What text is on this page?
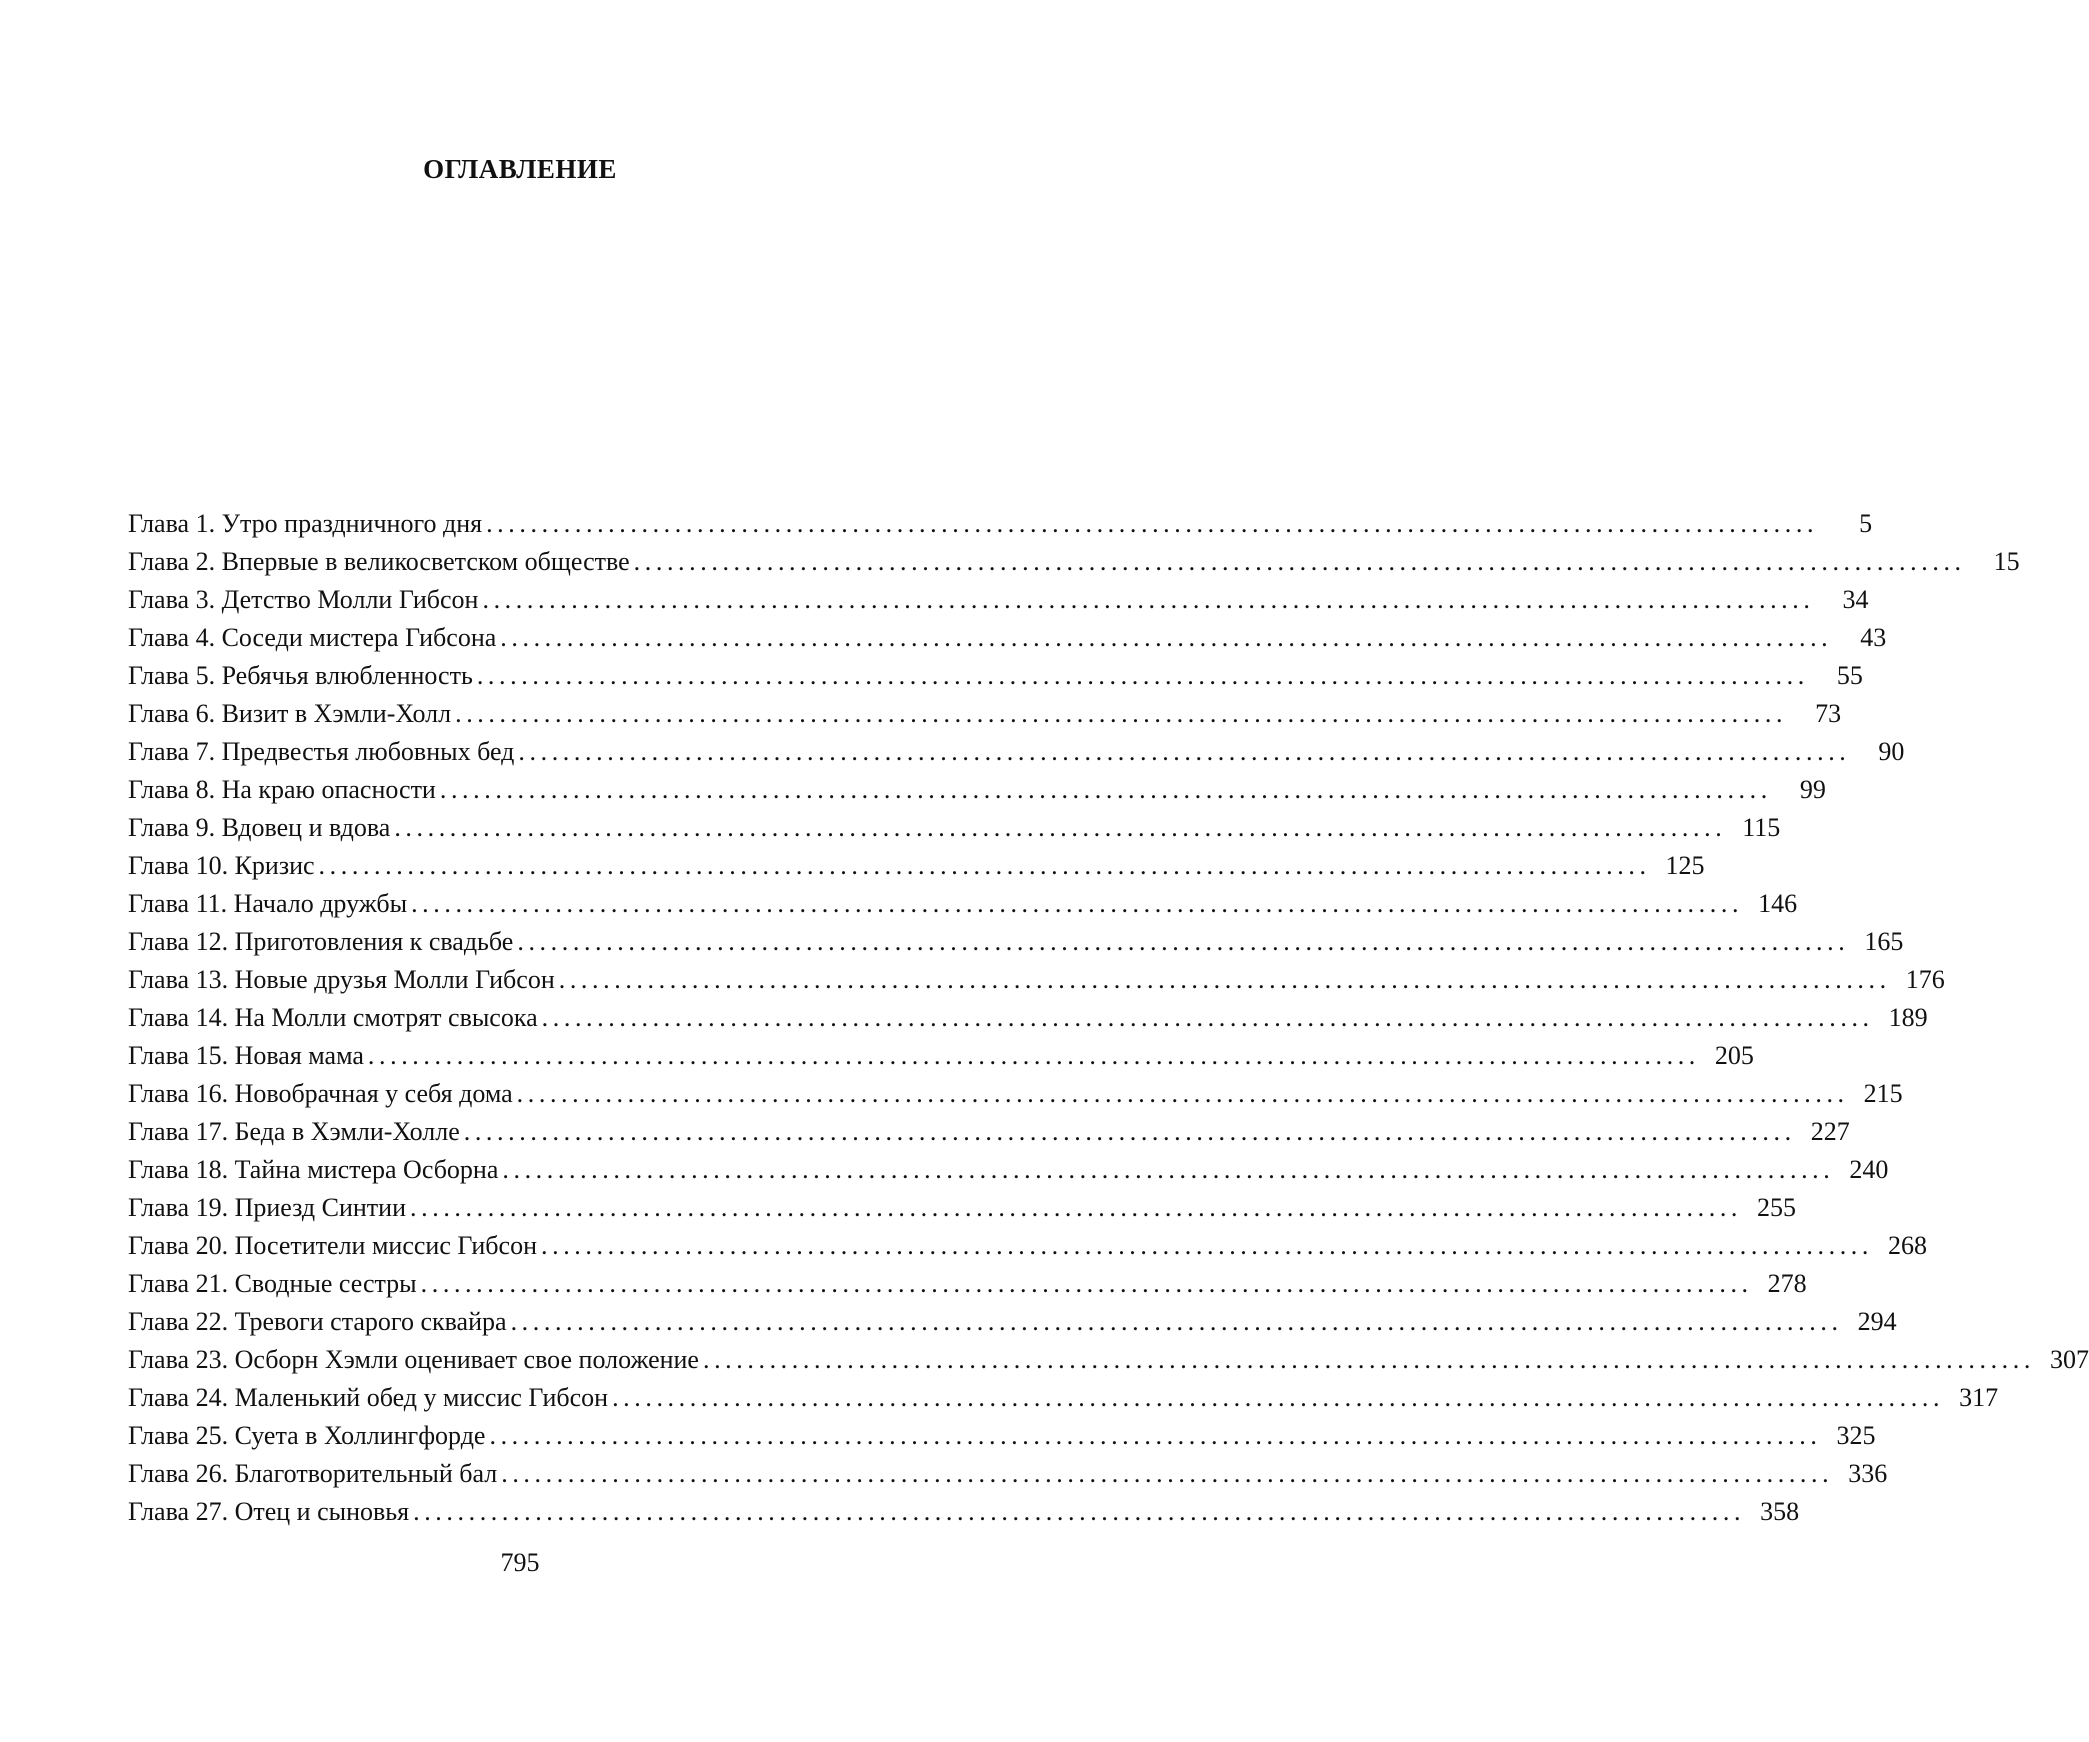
ОГЛАВЛЕНИЕ
Глава 1. Утро праздничного дня ........................................................................................................................	5
Глава 2. Впервые в великосветском обществе ........................................................................................................................	15
Глава 3. Детство Молли Гибсон ........................................................................................................................	34
Глава 4. Соседи мистера Гибсона ........................................................................................................................	43
Глава 5. Ребячья влюбленность ........................................................................................................................	55
Глава 6. Визит в Хэмли-Холл ........................................................................................................................	73
Глава 7. Предвестья любовных бед ........................................................................................................................	90
Глава 8. На краю опасности ........................................................................................................................	99
Глава 9. Вдовец и вдова ........................................................................................................................ 115
Глава 10. Кризис ........................................................................................................................ 125
Глава 11. Начало дружбы ........................................................................................................................ 146
Глава 12. Приготовления к свадьбе ........................................................................................................................ 165
Глава 13. Новые друзья Молли Гибсон ........................................................................................................................ 176
Глава 14. На Молли смотрят свысока ........................................................................................................................ 189
Глава 15. Новая мама ........................................................................................................................ 205
Глава 16. Новобрачная у себя дома ........................................................................................................................ 215
Глава 17. Беда в Хэмли-Холле ........................................................................................................................ 227
Глава 18. Тайна мистера Осборна ........................................................................................................................ 240
Глава 19. Приезд Синтии ........................................................................................................................ 255
Глава 20. Посетители миссис Гибсон ........................................................................................................................ 268
Глава 21. Сводные сестры ........................................................................................................................ 278
Глава 22. Тревоги старого сквайра ........................................................................................................................ 294
Глава 23. Осборн Хэмли оценивает свое положение ........................................................................................................................ 307
Глава 24. Маленький обед у миссис Гибсон ........................................................................................................................ 317
Глава 25. Суета в Холлингфорде ........................................................................................................................ 325
Глава 26. Благотворительный бал ........................................................................................................................ 336
Глава 27. Отец и сыновья ........................................................................................................................ 358
795
